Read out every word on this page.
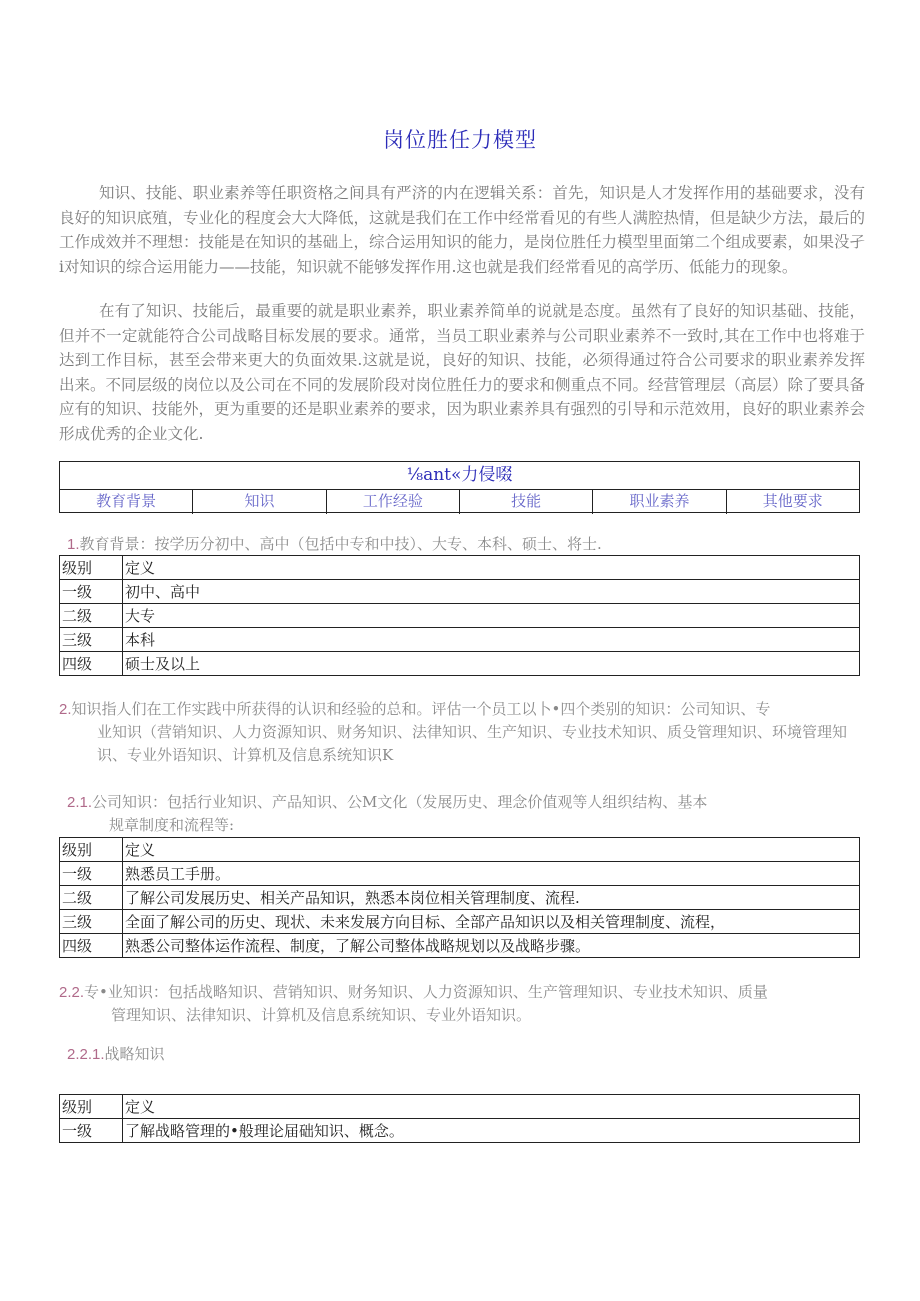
岗位胜任力模型

知识、技能、职业素养等任职资格之间具有严济的内在逻辑关系：首先，知识是人才发挥作用的基础要求，没有良好的知识底殖，专业化的程度会大大降低，这就是我们在工作中经常看见的有些人满腔热情，但是缺少方法，最后的工作成效并不理想：技能是在知识的基础上，综合运用知识的能力，是岗位胜任力模型里面第二个组成要素，如果没孑i对知识的综合运用能力——技能，知识就不能够发挥作用.这也就是我们经常看见的高学历、低能力的现象。

在有了知识、技能后，最重要的就是职业素养，职业素养简单的说就是态度。虽然有了良好的知识基础、技能，但并不一定就能符合公司战略目标发展的要求。通常，当员工职业素养与公司职业素养不一致时,其在工作中也将难于达到工作目标，甚至会带来更大的负面效果.这就是说，良好的知识、技能，必须得通过符合公司要求的职业素养发挥出来。不同层级的岗位以及公司在不同的发展阶段对岗位胜任力的要求和侧重点不同。经营管理层（高层）除了要具备应有的知识、技能外，更为重要的还是职业素养的要求，因为职业素养具有强烈的引导和示范效用，良好的职业素养会形成优秀的企业文化.

⅛ant«力侵啜
教育背景	知识	工作经验	技能	职业素养	其他要求
1.教育背景：按学历分初中、高中（包括中专和中技）、大专、本科、硕士、将士.
级别	定义
一级	初中、高中
二级	大专
三级	本科
四级	硕士及以上
2.知识指人们在工作实践中所获得的认识和经验的总和。评估一个员工以卜•四个类别的知识：公司知识、专
业知识（营销知识、人力资源知识、财务知识、法律知识、生产知识、专业技术知识、质殳管理知识、环境管理知识、专业外语知识、计算机及信息系统知识K
2.1.公司知识：包括行业知识、产品知识、公M文化（发展历史、理念价值观等人组织结构、基本
规章制度和流程等:
级别	定义
一级	熟悉员工手册。
二级	了解公司发展历史、相关产品知识，熟悉本岗位相关管理制度、流程.
三级	全面了解公司的历史、现状、未来发展方向目标、全部产品知识以及相关管理制度、流程，
四级	熟悉公司整体运作流程、制度，了解公司整体战略规划以及战略步骤。
2.2.专•业知识：包括战略知识、营销知识、财务知识、人力资源知识、生产管理知识、专业技术知识、质量
管理知识、法律知识、计算机及信息系统知识、专业外语知识。
2.2.1.战略知识
级别	定义
一级	了解战略管理的•般理论届础知识、概念。
